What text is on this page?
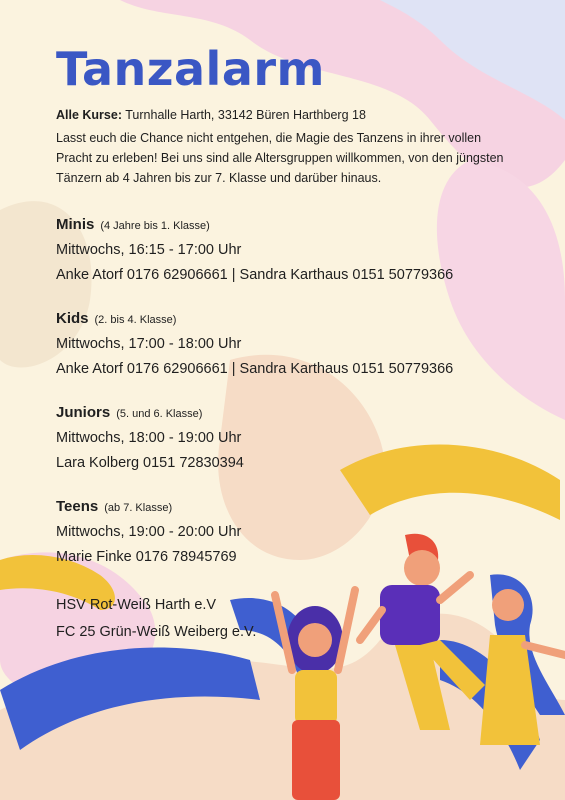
Tanzalarm
Alle Kurse: Turnhalle Harth, 33142 Büren Harthberg 18
Lasst euch die Chance nicht entgehen, die Magie des Tanzens in ihrer vollen Pracht zu erleben! Bei uns sind alle Altersgruppen willkommen, von den jüngsten Tänzern ab 4 Jahren bis zur 7. Klasse und darüber hinaus.
Minis (4 Jahre bis 1. Klasse)
Mittwochs, 16:15 - 17:00 Uhr
Anke Atorf 0176 62906661 | Sandra Karthaus 0151 50779366
Kids (2. bis 4. Klasse)
Mittwochs, 17:00 - 18:00 Uhr
Anke Atorf 0176 62906661 | Sandra Karthaus 0151 50779366
Juniors (5. und 6. Klasse)
Mittwochs, 18:00 - 19:00 Uhr
Lara Kolberg 0151 72830394
Teens (ab 7. Klasse)
Mittwochs, 19:00 - 20:00 Uhr
Marie Finke 0176 78945769
HSV Rot-Weiß Harth e.V
FC 25 Grün-Weiß Weiberg e.V.
